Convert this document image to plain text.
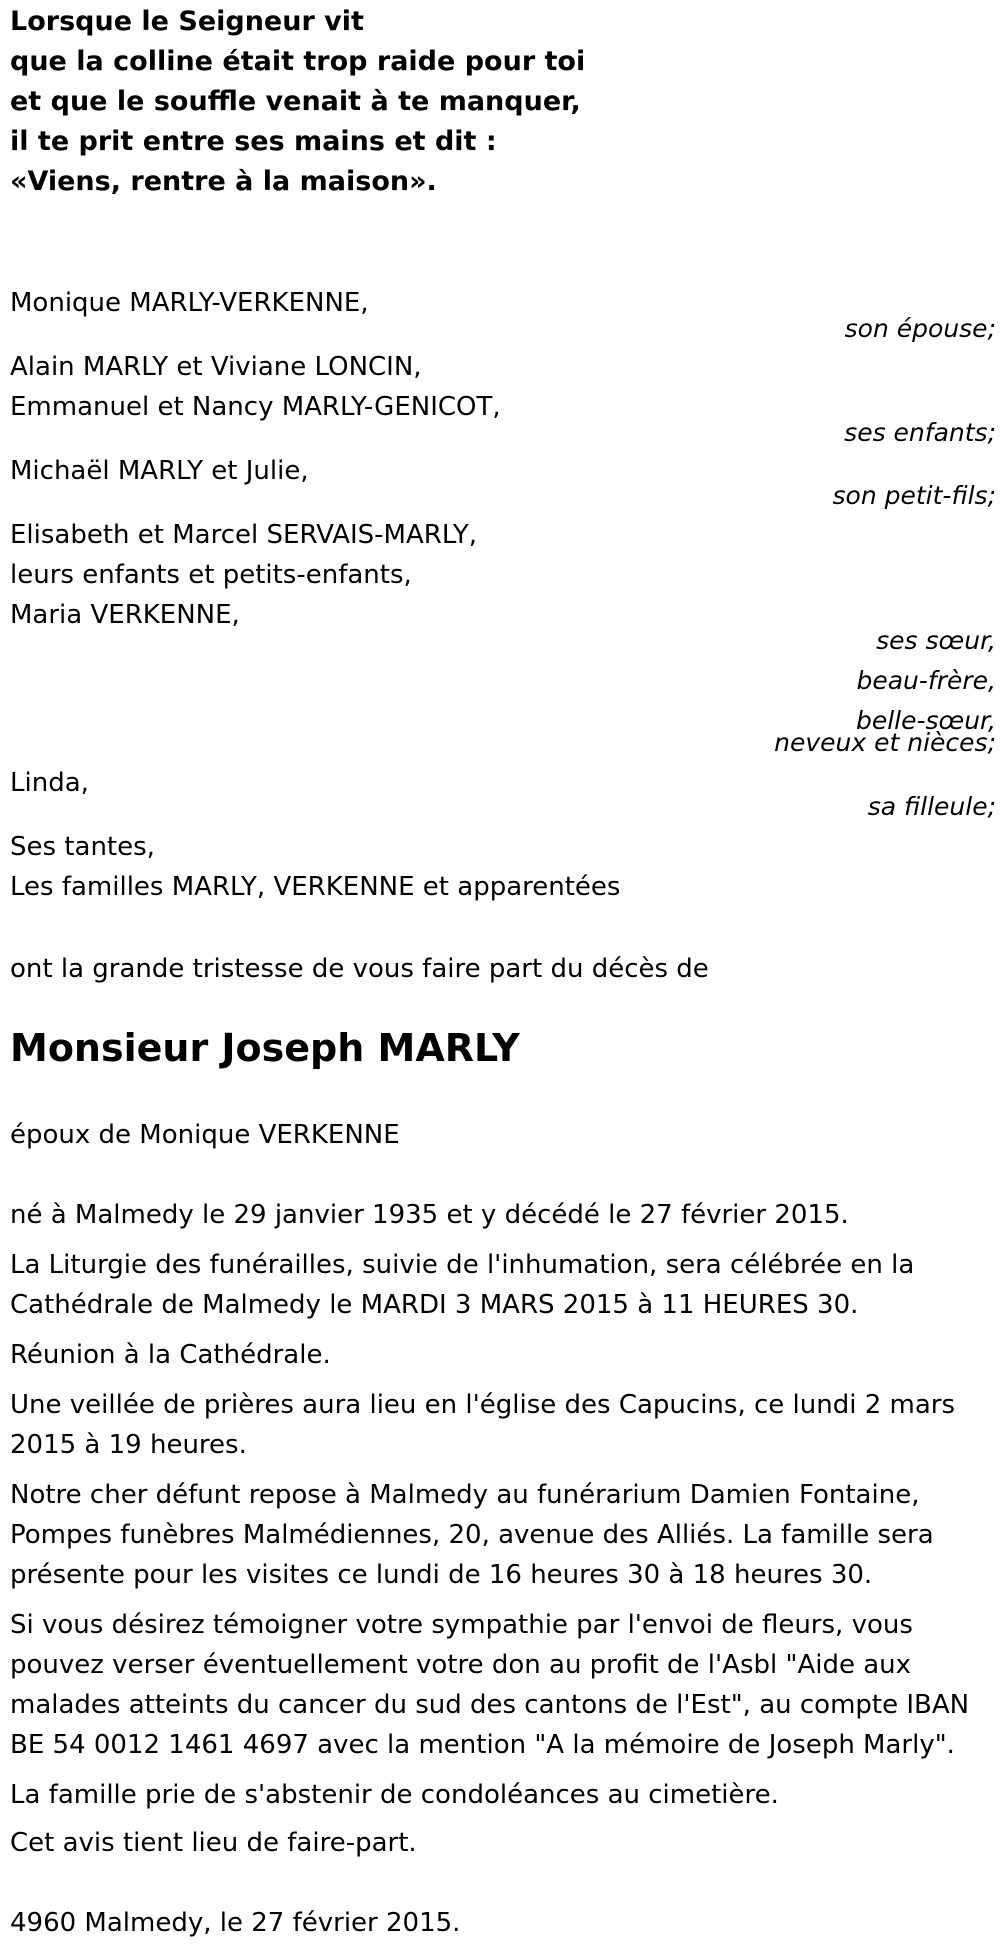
Lorsque le Seigneur vit
que la colline était trop raide pour toi
et que le souffle venait à te manquer,
il te prit entre ses mains et dit :
«Viens, rentre à la maison».
Monique MARLY-VERKENNE,
son épouse;
Alain MARLY et Viviane LONCIN,
Emmanuel et Nancy MARLY-GENICOT,
ses enfants;
Michaël MARLY et Julie,
son petit-fils;
Elisabeth et Marcel SERVAIS-MARLY,
leurs enfants et petits-enfants,
Maria VERKENNE,
ses sœur,
beau-frère,
belle-sœur,
neveux et nièces;
Linda,
sa filleule;
Ses tantes,
Les familles MARLY, VERKENNE et apparentées
ont la grande tristesse de vous faire part du décès de
Monsieur Joseph MARLY
époux de Monique VERKENNE
né à Malmedy le 29 janvier 1935 et y décédé le 27 février 2015.
La Liturgie des funérailles, suivie de l'inhumation, sera célébrée en la
Cathédrale de Malmedy le MARDI 3 MARS 2015 à 11 HEURES 30.
Réunion à la Cathédrale.
Une veillée de prières aura lieu en l'église des Capucins, ce lundi 2 mars
2015 à 19 heures.
Notre cher défunt repose à Malmedy au funérarium Damien Fontaine,
Pompes funèbres Malmédiennes, 20, avenue des Alliés. La famille sera
présente pour les visites ce lundi de 16 heures 30 à 18 heures 30.
Si vous désirez témoigner votre sympathie par l'envoi de fleurs, vous
pouvez verser éventuellement votre don au profit de l'Asbl "Aide aux
malades atteints du cancer du sud des cantons de l'Est", au compte IBAN
BE 54 0012 1461 4697 avec la mention "A la mémoire de Joseph Marly".
La famille prie de s'abstenir de condoléances au cimetière.
Cet avis tient lieu de faire-part.
4960 Malmedy, le 27 février 2015.
